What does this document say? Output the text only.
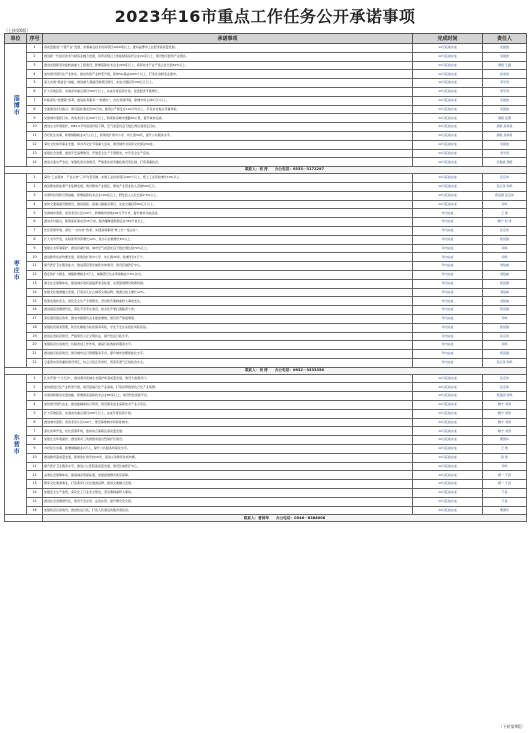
2023年16市重点工作任务公开承诺事项
（上接第6版）
单位	序号	承诺事项	完成时间	责任人
淄博市	1	高质量推进“十强产业”发展，实施重点技术改造项目1000项以上，推动淄博市工业经济高质量发展。	12月底前完成	宋振波
	2	推进新一代信息技术与制造业融合发展，培育省级以上智能制造标杆企业20家以上，建设数字经济产业园区。	12月底前完成	宋振波
	3	推进省级新旧动能转换重大工程建设，新增高新技术企业200家以上，高新技术产业产值占比达到52%以上。	12月底前完成	满毅 王磊
	4	加快建设现代化产业体系，推动传统产业转型升级，新建5G基站2000个以上，打造先进制造业强市。	12月底前完成	孙承昊
	5	深入实施“强省会”战略，推进重大基础设施项目建设，完成交通投资100亿元以上。	12月底前完成	李学涛
	6	扩大有效投资，实施省市重点项目300个以上，完成年度投资计划，促进经济平稳增长。	12月底前完成	李学涛
	7	持续深化“放管服”改革，推进政务服务“一网通办”，优化营商环境，新增市场主体5万户以上。	12月底前完成	宋振波
	8	全面推进乡村振兴，建设高标准农田20万亩，粮食总产稳定在120万吨以上，打造乡村振兴齐鲁样板。	12月底前完成	宋振波
	9	实施城市更新行动，改造老旧小区200个以上，新建改造城市道路50公里，提升城市品质。	12月底前完成	满毅 张慧
	10	推进生态环境保护，PM2.5平均浓度持续下降，空气质量优良天数比例达到省定目标。	12月底前完成	满毅 孙承昊
	11	办好民生实事，新增城镇就业4万人以上，新建改扩建中小学、幼儿园30所，提升公共服务水平。	12月底前完成	满毅 孙承昊
	12	深化文化体育事业发展，举办齐文化节等重大活动，建设城市书房和文化驿站50处。	12月底前完成	宋振波
	13	加强社会治理，推进平安淄博建设，开展安全生产专项整治，守牢安全生产底线。	12月底前完成	李学涛
	14	推进全面从严治党，加强政府自身建设，严格落实党风廉政建设责任制，打造清廉政府。	12月底前完成	宋振波 满毅
		联系人：刘 涛　　办公电话：0533－3172297		
枣庄市	1	深化“工业强市、产业兴市”三年攻坚突破，实施工业技改项目200个以上，规上工业营收增长10%以上。	12月底前完成	张宗伟
	2	推进锂电新能源产业集群发展，建设锂电产业园区，锂电产业营业收入突破500亿元。	12月底前完成	张宗伟 李鸣
	3	实施科技创新引领战略，新增高新技术企业100家以上，研发投入占比达到2.5%以上。	12月底前完成	郑昌国 张宗伟
	4	加快交通基础设施建设，推进高铁、高速公路重点项目，完成交通投资60亿元以上。	12月底前完成	李鸣
	5	实施城市更新，改造老旧小区120个，新增城市绿地100万平方米，提升城市功能品质。	年内完成	王 凯
	6	推动乡村振兴，新建高标准农田15万亩，粮食播种面积稳定在350万亩以上。	年内完成	鲍宁 刘 涛
	7	优化营商环境，深化“一次办好”改革，实现高频事项“掌上办”“指尖办”。	年内完成	张宗伟
	8	扩大对外开放，实际使用外资增长10%，进出口总额增长8%以上。	年内完成	郑昌国
	9	加强生态环境保护，推进河湖长制，城市空气质量优良天数比例达到70%以上。	年内完成	李鸣
	10	推进教育优质均衡发展，新建改扩建中小学、幼儿园20所，新增学位1万个。	年内完成	李鸣
	11	提升医疗卫生服务能力，推进紧密型县域医共体建设，建设区域医疗中心。	年内完成	刘伯威
	12	稳定和扩大就业，城镇新增就业3万人，城镇登记失业率控制在3.5%以内。	年内完成	刘伯威
	13	健全社会保障体系，提高城乡居民基础养老金标准，完善困难群众救助机制。	年内完成	郑昌国
	14	加强文化旅游融合发展，打造台儿庄古城等文旅品牌，旅游总收入增长12%。	年内完成	刘伯威
	15	统筹发展和安全，深化安全生产专项整治，坚决防范遏制重特大事故发生。	年内完成	刘伯威
	16	推进基层治理现代化，深化平安枣庄建设，常态化开展扫黑除恶斗争。	年内完成	郑昌国
	17	深化国资国企改革，推动市属国有企业提质增效，国有资产保值增值。	年内完成	李鸣
	18	加强政府债务管理，防范化解地方政府债务风险，守住不发生系统性风险底线。	年内完成	郑昌国
	19	推进法治政府建设，严格规范公正文明执法，提升依法行政水平。	年内完成	张宗伟
	20	加强政府自身建设，持续改进工作作风，提高行政效能和服务水平。	年内完成	李鸣
	21	推进数字政府建设，建设城市运行管理服务平台，提升城市治理智能化水平。	年内完成	郑昌国
	22	全面落实党风廉政建设责任，持之以恒正风肃纪，营造风清气正的政治生态。	年内完成	张宗伟 李鸣
		联系人：刘 涛　　办公电话：0632－3333356		
东营市	1	扎实开展“十大行动”，推动黄河流域生态保护和高质量发展，建设大美黄河口。	12月底前完成	张宗伟
	2	加快推进石化产业转型升级，建设高端石化产业基地，打造世界级绿色石化产业集群。	12月底前完成	张宗伟
	3	实施创新驱动发展战略，新增国家高新技术企业80家以上，建设科技创新平台。	12月底前完成	郑昌国 李鸣
	4	加快建设现代农业，推进盐碱地综合利用，建设国家农业高新技术产业示范区。	12月底前完成	鲍宁 刘涛
	5	扩大有效投资，实施省市重点项目200个以上，完成年度投资计划。	12月底前完成	鲍宁 刘涛
	6	推进城市更新，改造老旧小区100个，建设海绵城市和韧性城市。	12月底前完成	鲍宁 刘涛
	7	深化改革开放，优化营商环境，推动综合保税区高质量发展。	12月底前完成	鲍宁 刘涛
	8	加强生态环境保护，推进黄河三角洲国家级自然保护区建设。	12月底前完成	曹国华
	9	办好民生实事，新增城镇就业2万人，提升公共服务均等化水平。	12月底前完成	王 凯
	10	推进教育高质量发展，新建改扩建学校15所，促进义务教育优质均衡。	12月底前完成	孙 凯
	11	提升医疗卫生服务水平，推进公立医院高质量发展，建设区域医疗中心。	12月底前完成	李鸣
	12	完善社会保障体系，提高城乡低保标准，加强困难群众兜底保障。	12月底前完成	柳一 于昌
	13	繁荣文化旅游事业，打造黄河口文化旅游品牌，推进文旅融合发展。	12月底前完成	柳一 于昌
	14	加强安全生产监管，深化化工行业安全整治，坚决遏制重特大事故。	12月底前完成	于昌
	15	推进社会治理现代化，建设平安东营、法治东营，提升群众安全感。	12月底前完成	于昌
	16	加强政府自身建设，推进依法行政，打造人民满意的服务型政府。	12月底前完成	曹国华
		联系人：曹国华　　办公电话：0546－8388008		
（下转第9版）
